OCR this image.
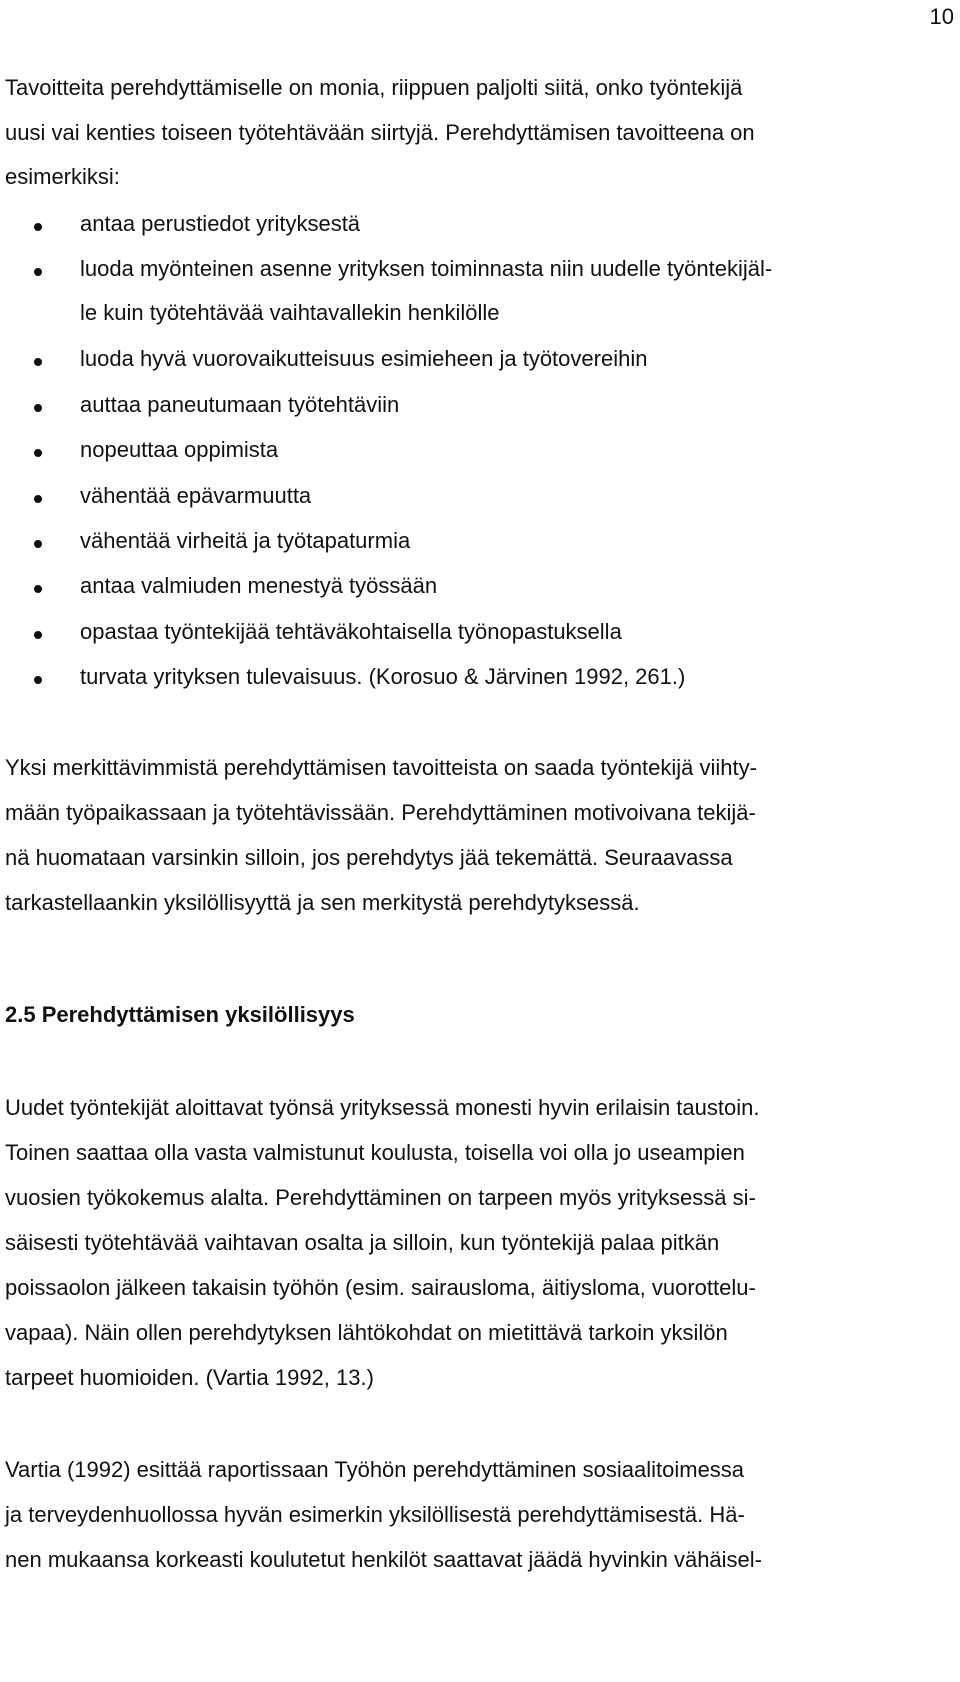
10
Tavoitteita perehdyttämiselle on monia, riippuen paljolti siitä, onko työntekijä
uusi vai kenties toiseen työtehtävään siirtyjä. Perehdyttämisen tavoitteena on
esimerkiksi:
antaa perustiedot yrityksestä
luoda myönteinen asenne yrityksen toiminnasta niin uudelle työntekijäl-
le kuin työtehtävää vaihtavallekin henkilölle
luoda hyvä vuorovaikutteisuus esimieheen ja työtovereihin
auttaa paneutumaan työtehtäviin
nopeuttaa oppimista
vähentää epävarmuutta
vähentää virheitä ja työtapaturmia
antaa valmiuden menestyä työssään
opastaa työntekijää tehtäväkohtaisella työnopastuksella
turvata yrityksen tulevaisuus. (Korosuo & Järvinen 1992, 261.)
Yksi merkittävimmistä perehdyttämisen tavoitteista on saada työntekijä viihty-
mään työpaikassaan ja työtehtävissään. Perehdyttäminen motivoivana tekijä-
nä huomataan varsinkin silloin, jos perehdytys jää tekemättä. Seuraavassa
tarkastellaankin yksilöllisyyttä ja sen merkitystä perehdytyksessä.
2.5 Perehdyttämisen yksilöllisyys
Uudet työntekijät aloittavat työnsä yrityksessä monesti hyvin erilaisin taustoin.
Toinen saattaa olla vasta valmistunut koulusta, toisella voi olla jo useampien
vuosien työkokemus alalta. Perehdyttäminen on tarpeen myös yrityksessä si-
säisesti työtehtävää vaihtavan osalta ja silloin, kun työntekijä palaa pitkän
poissaolon jälkeen takaisin työhön (esim. sairausloma, äitiysloma, vuorottelu-
vapaa). Näin ollen perehdytyksen lähtökohdat on mietittävä tarkoin yksilön
tarpeet huomioiden. (Vartia 1992, 13.)
Vartia (1992) esittää raportissaan Työhön perehdyttäminen sosiaalitoimessa
ja terveydenhuollossa hyvän esimerkin yksilöllisestä perehdyttämisestä. Hä-
nen mukaansa korkeasti koulutetut henkilöt saattavat jäädä hyvinkin vähäisel-
